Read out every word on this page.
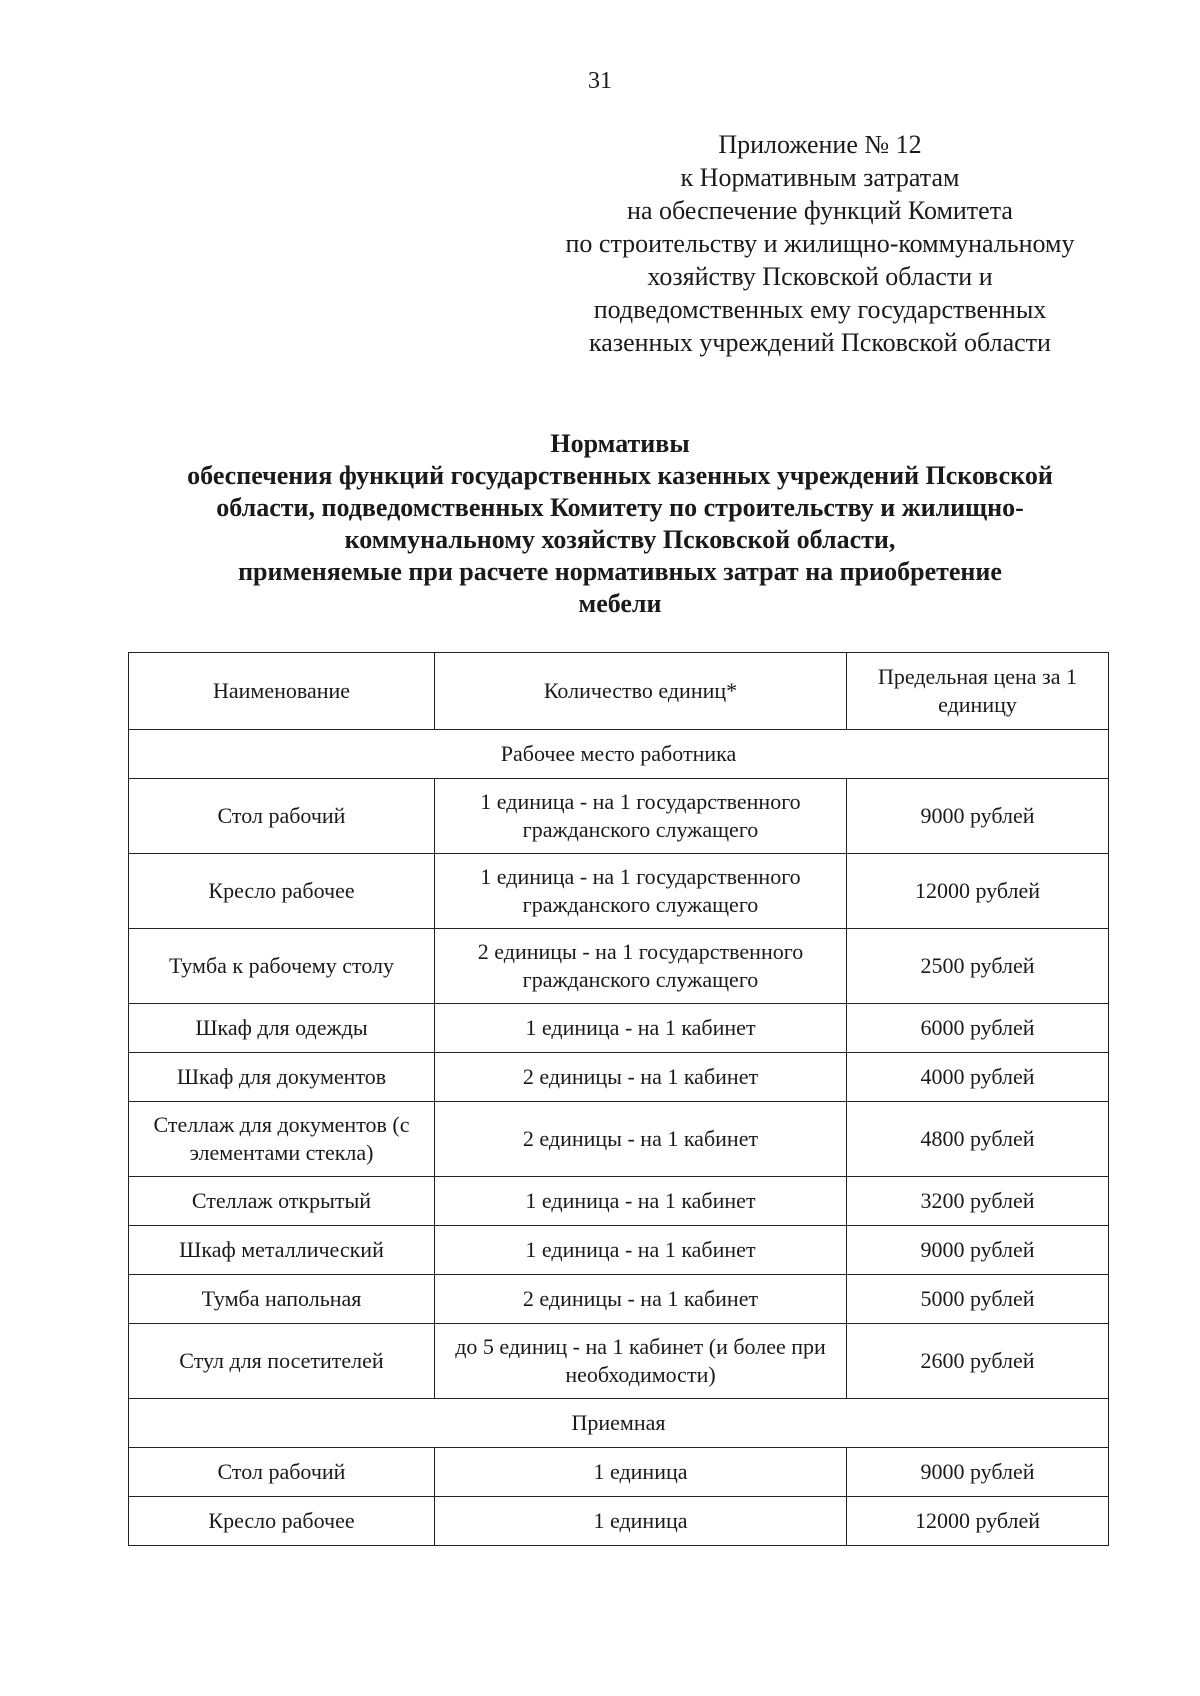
31
Приложение № 12
к Нормативным затратам
на обеспечение функций Комитета
по строительству и жилищно-коммунальному
хозяйству Псковской области и
подведомственных ему государственных
казенных учреждений Псковской области
Нормативы
обеспечения функций государственных казенных учреждений Псковской
области, подведомственных Комитету по строительству и жилищно-
коммунальному хозяйству Псковской области,
применяемые при расчете нормативных затрат на приобретение
мебели
Наименование	Количество единиц*	Предельная цена за 1 единицу
Рабочее место работника		
Стол рабочий	1 единица - на 1 государственного гражданского служащего	9000 рублей
Кресло рабочее	1 единица - на 1 государственного гражданского служащего	12000 рублей
Тумба к рабочему столу	2 единицы - на 1 государственного гражданского служащего	2500 рублей
Шкаф для одежды	1 единица - на 1 кабинет	6000 рублей
Шкаф для документов	2 единицы - на 1 кабинет	4000 рублей
Стеллаж для документов (с элементами стекла)	2 единицы - на 1 кабинет	4800 рублей
Стеллаж открытый	1 единица - на 1 кабинет	3200 рублей
Шкаф металлический	1 единица - на 1 кабинет	9000 рублей
Тумба напольная	2 единицы - на 1 кабинет	5000 рублей
Стул для посетителей	до 5 единиц - на 1 кабинет (и более при необходимости)	2600 рублей
Приемная		
Стол рабочий	1 единица	9000 рублей
Кресло рабочее	1 единица	12000 рублей
